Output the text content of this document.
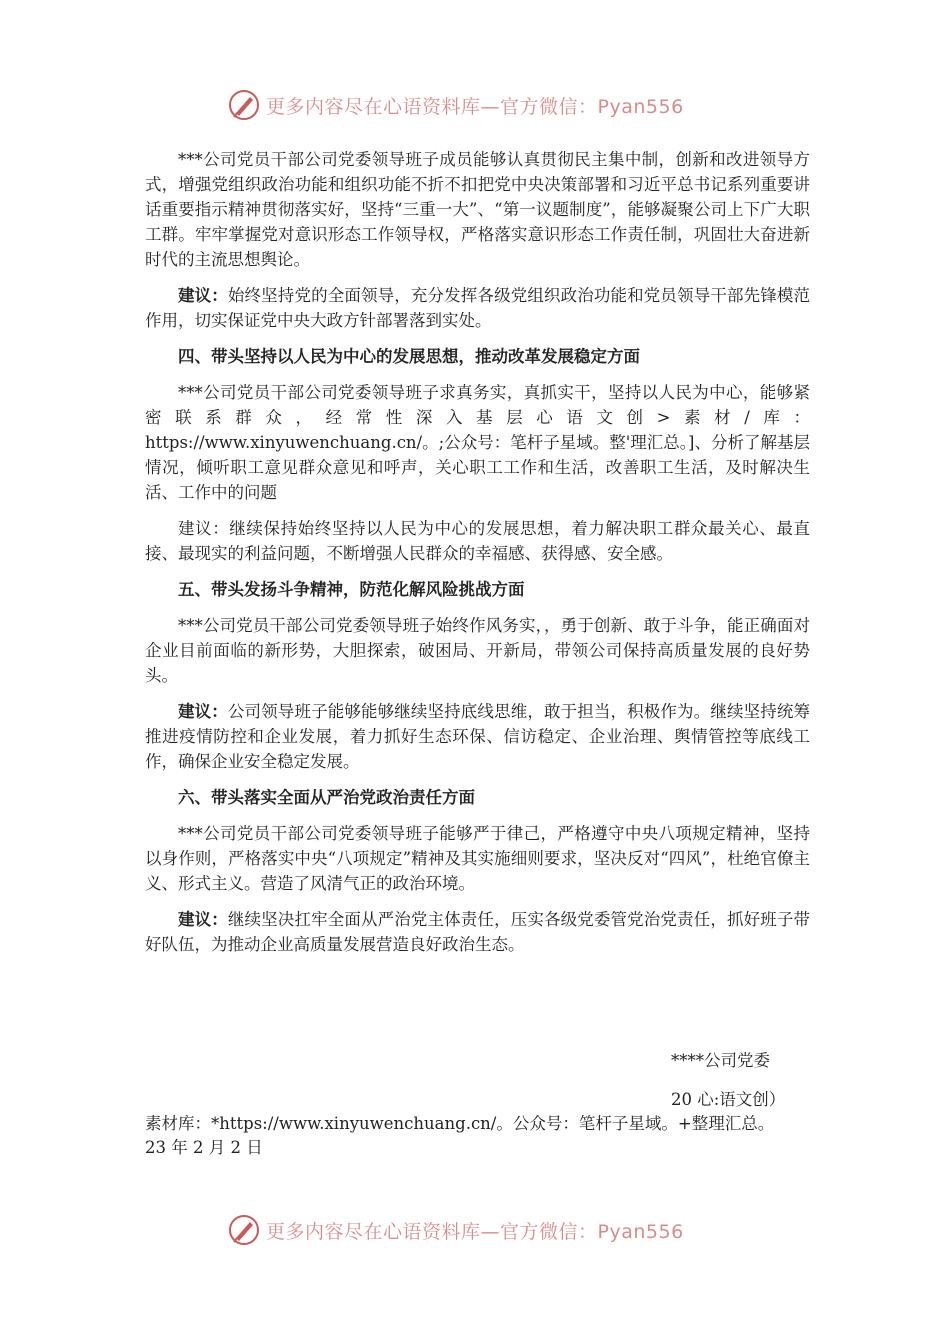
更多内容尽在心语资料库—官方微信：Pyan556

***公司党员干部公司党委领导班子成员能够认真贯彻民主集中制，创新和改进领导方式，增强党组织政治功能和组织功能不折不扣把党中央决策部署和习近平总书记系列重要讲话重要指示精神贯彻落实好，坚持“三重一大”、“第一议题制度”，能够凝聚公司上下广大职工群。牢牢掌握党对意识形态工作领导权，严格落实意识形态工作责任制，巩固壮大奋进新时代的主流思想舆论。

建议：始终坚持党的全面领导，充分发挥各级党组织政治功能和党员领导干部先锋模范作用，切实保证党中央大政方针部署落到实处。

四、带头坚持以人民为中心的发展思想，推动改革发展稳定方面

***公司党员干部公司党委领导班子求真务实，真抓实干，坚持以人民为中心，能够紧密联系群众，经常性深入基层心语文创>素材/库：https://www.xinyuwenchuang.cn/。;公众号：笔杆子星域。整'理汇总。]、分析了解基层情况，倾听职工意见群众意见和呼声，关心职工工作和生活，改善职工生活，及时解决生活、工作中的问题

建议：继续保持始终坚持以人民为中心的发展思想，着力解决职工群众最关心、最直接、最现实的利益问题，不断增强人民群众的幸福感、获得感、安全感。

五、带头发扬斗争精神，防范化解风险挑战方面

***公司党员干部公司党委领导班子始终作风务实，，勇于创新、敢于斗争，能正确面对企业目前面临的新形势，大胆探索，破困局、开新局，带领公司保持高质量发展的良好势头。

建议：公司领导班子能够能够继续坚持底线思维，敢于担当，积极作为。继续坚持统筹推进疫情防控和企业发展，着力抓好生态环保、信访稳定、企业治理、舆情管控等底线工作，确保企业安全稳定发展。

六、带头落实全面从严治党政治责任方面

***公司党员干部公司党委领导班子能够严于律己，严格遵守中央八项规定精神，坚持以身作则，严格落实中央“八项规定”精神及其实施细则要求，坚决反对“四风”，杜绝官僚主义、形式主义。营造了风清气正的政治环境。

建议：继续坚决扛牢全面从严治党主体责任，压实各级党委管党治党责任，抓好班子带好队伍，为推动企业高质量发展营造良好政治生态。

****公司党委
20 心:语文创）
素材库：*https://www.xinyuwenchuang.cn/。公众号：笔杆子星域。+整理汇总。
23 年 2 月 2 日
更多内容尽在心语资料库—官方微信：Pyan556
